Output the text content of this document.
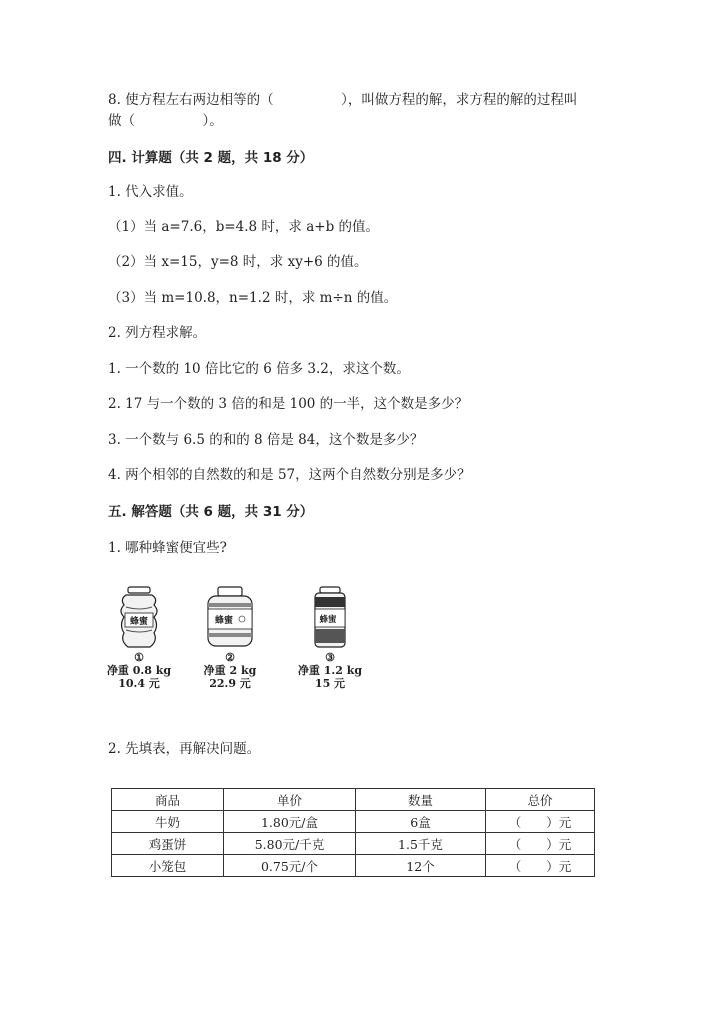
8. 使方程左右两边相等的（　　　　　），叫做方程的解，求方程的解的过程叫
做（　　　　　）。
四. 计算题（共 2 题，共 18 分）
1. 代入求值。
（1）当 a=7.6，b=4.8 时，求 a+b 的值。
（2）当 x=15，y=8 时，求 xy+6 的值。
（3）当 m=10.8，n=1.2 时，求 m÷n 的值。
2. 列方程求解。
1. 一个数的 10 倍比它的 6 倍多 3.2，求这个数。
2. 17 与一个数的 3 倍的和是 100 的一半，这个数是多少？
3. 一个数与 6.5 的和的 8 倍是 84，这个数是多少？
4. 两个相邻的自然数的和是 57，这两个自然数分别是多少？
五. 解答题（共 6 题，共 31 分）
1. 哪种蜂蜜便宜些?
蜂蜜
①
净重 0.8 kg
10.4 元
蜂蜜
②
净重 2 kg
22.9 元
蜂蜜
③
净重 1.2 kg
15 元
2. 先填表，再解决问题。
商品	单价	数量	总价
牛奶	1.80元/盒	6盒	（　　）元
鸡蛋饼	5.80元/千克	1.5千克	（　　）元
小笼包	0.75元/个	12个	（　　）元
